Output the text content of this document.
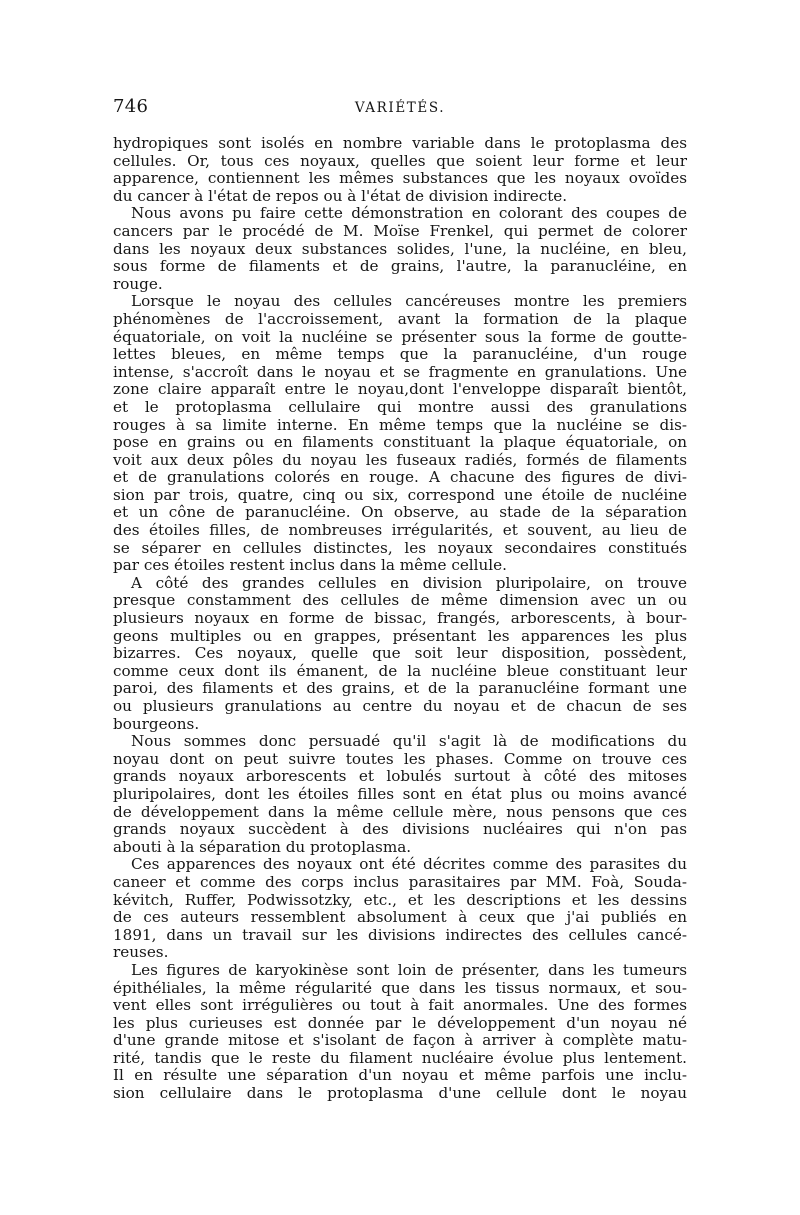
746	VARIÉTÉS.
hydropiques sont isolés en nombre variable dans le protoplasma des
cellules. Or, tous ces noyaux, quelles que soient leur forme et leur
apparence, contiennent les mêmes substances que les noyaux ovoïdes
du cancer à l'état de repos ou à l'état de division indirecte.
Nous avons pu faire cette démonstration en colorant des coupes de
cancers par le procédé de M. Moïse Frenkel, qui permet de colorer
dans les noyaux deux substances solides, l'une, la nucléine, en bleu,
sous forme de filaments et de grains, l'autre, la paranucléine, en
rouge.
Lorsque le noyau des cellules cancéreuses montre les premiers
phénomènes de l'accroissement, avant la formation de la plaque
équatoriale, on voit la nucléine se présenter sous la forme de goutte-
lettes bleues, en même temps que la paranucléine, d'un rouge
intense, s'accroît dans le noyau et se fragmente en granulations. Une
zone claire apparaît entre le noyau,dont l'enveloppe disparaît bientôt,
et le protoplasma cellulaire qui montre aussi des granulations
rouges à sa limite interne. En même temps que la nucléine se dis-
pose en grains ou en filaments constituant la plaque équatoriale, on
voit aux deux pôles du noyau les fuseaux radiés, formés de filaments
et de granulations colorés en rouge. A chacune des figures de divi-
sion par trois, quatre, cinq ou six, correspond une étoile de nucléine
et un cône de paranucléine. On observe, au stade de la séparation
des étoiles filles, de nombreuses irrégularités, et souvent, au lieu de
se séparer en cellules distinctes, les noyaux secondaires constitués
par ces étoiles restent inclus dans la même cellule.
A côté des grandes cellules en division pluripolaire, on trouve
presque constamment des cellules de même dimension avec un ou
plusieurs noyaux en forme de bissac, frangés, arborescents, à bour-
geons multiples ou en grappes, présentant les apparences les plus
bizarres. Ces noyaux, quelle que soit leur disposition, possèdent,
comme ceux dont ils émanent, de la nucléine bleue constituant leur
paroi, des filaments et des grains, et de la paranucléine formant une
ou plusieurs granulations au centre du noyau et de chacun de ses
bourgeons.
Nous sommes donc persuadé qu'il s'agit là de modifications du
noyau dont on peut suivre toutes les phases. Comme on trouve ces
grands noyaux arborescents et lobulés surtout à côté des mitoses
pluripolaires, dont les étoiles filles sont en état plus ou moins avancé
de développement dans la même cellule mère, nous pensons que ces
grands noyaux succèdent à des divisions nucléaires qui n'on pas
abouti à la séparation du protoplasma.
Ces apparences des noyaux ont été décrites comme des parasites du
caneer et comme des corps inclus parasitaires par MM. Foà, Souda-
kévitch, Ruffer, Podwissotzky, etc., et les descriptions et les dessins
de ces auteurs ressemblent absolument à ceux que j'ai publiés en
1891, dans un travail sur les divisions indirectes des cellules cancé-
reuses.
Les figures de karyokinèse sont loin de présenter, dans les tumeurs
épithéliales, la même régularité que dans les tissus normaux, et sou-
vent elles sont irrégulières ou tout à fait anormales. Une des formes
les plus curieuses est donnée par le développement d'un noyau né
d'une grande mitose et s'isolant de façon à arriver à complète matu-
rité, tandis que le reste du filament nucléaire évolue plus lentement.
Il en résulte une séparation d'un noyau et même parfois une inclu-
sion cellulaire dans le protoplasma d'une cellule dont le noyau
